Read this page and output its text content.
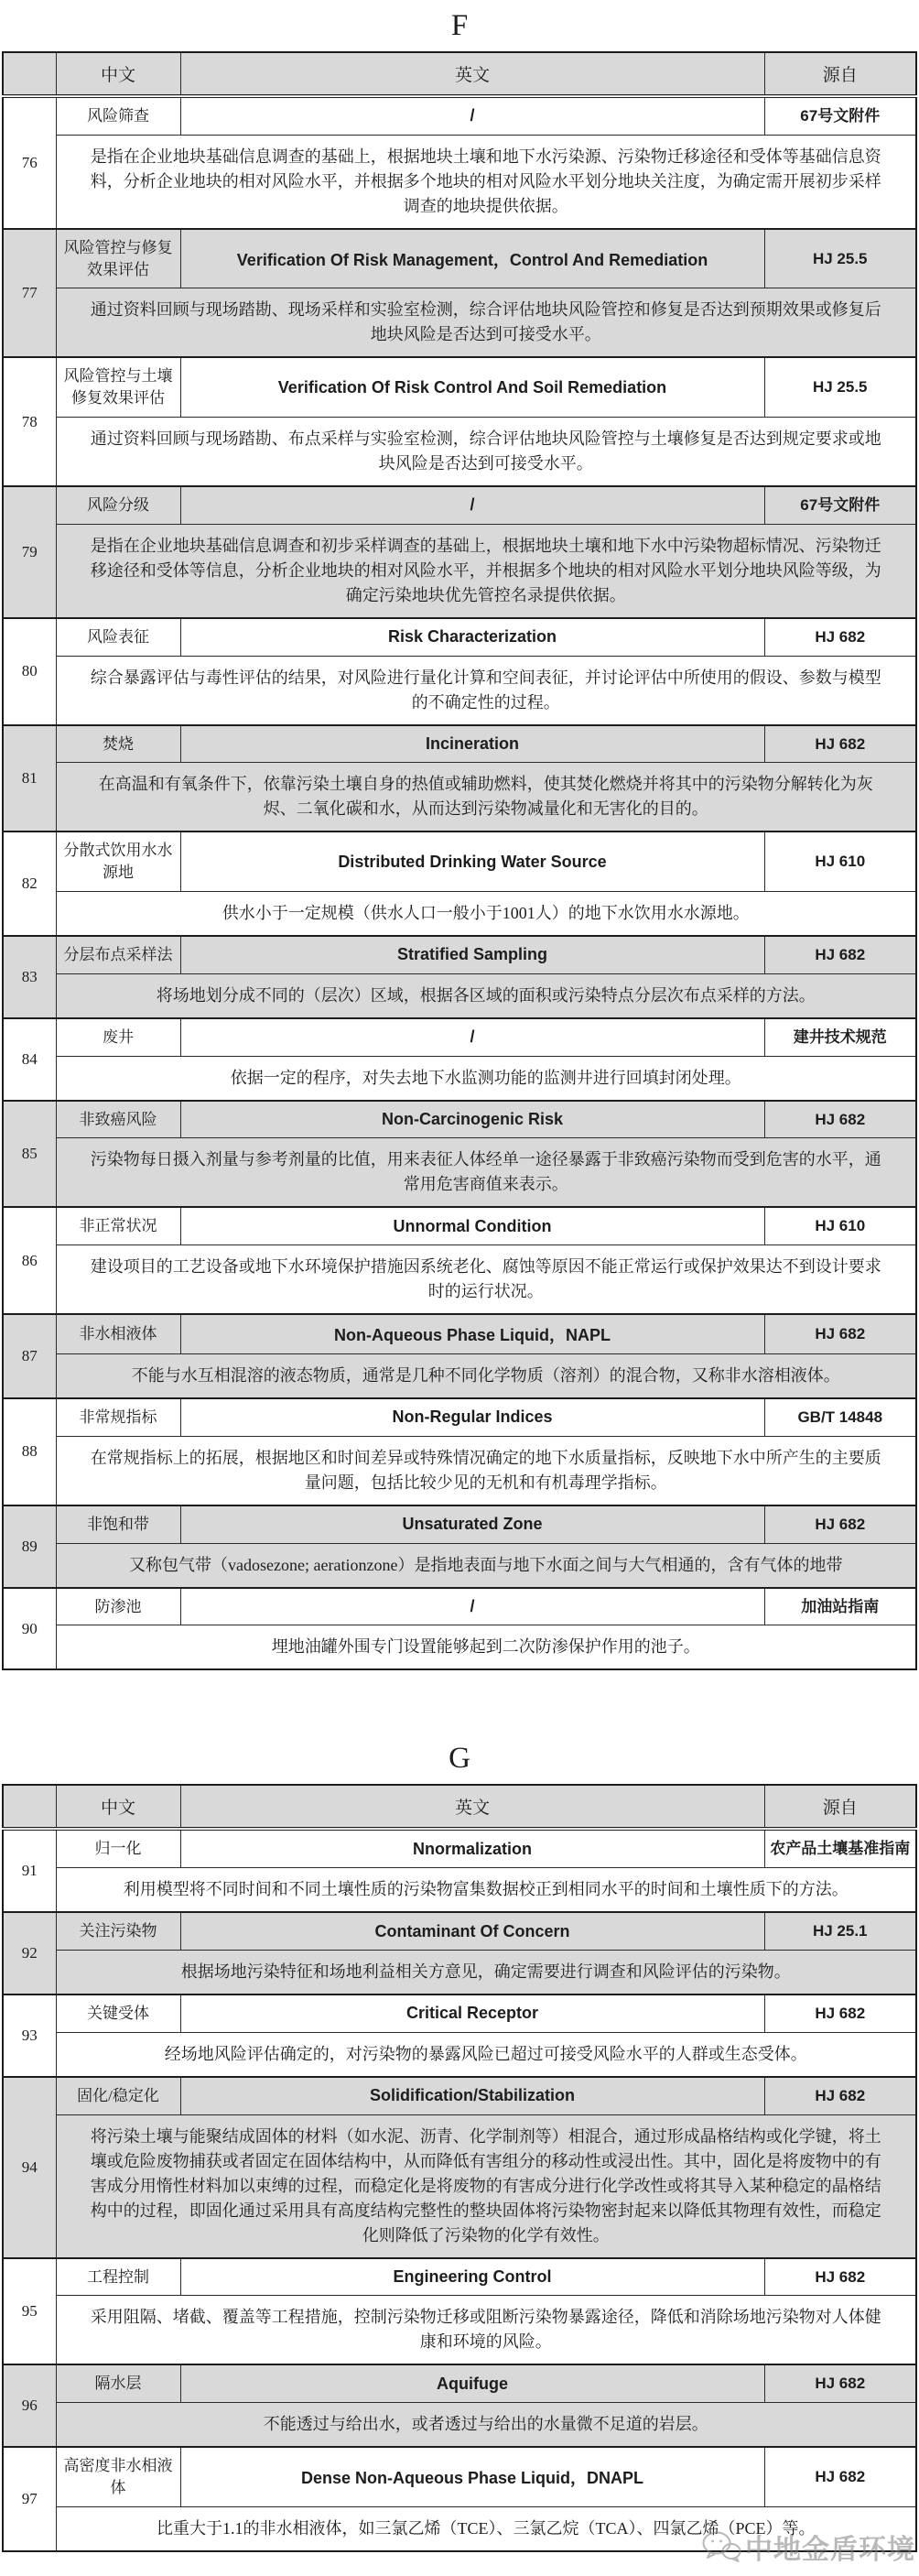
F
	中文	英文	源自
76	风险筛查	/	67号文附件
	是指在企业地块基础信息调查的基础上，根据地块土壤和地下水污染源、污染物迁移途径和受体等基础信息资料，分析企业地块的相对风险水平，并根据多个地块的相对风险水平划分地块关注度，为确定需开展初步采样调查的地块提供依据。		
77	风险管控与修复效果评估	Verification Of Risk Management，Control And Remediation	HJ 25.5
	通过资料回顾与现场踏勘、现场采样和实验室检测，综合评估地块风险管控和修复是否达到预期效果或修复后地块风险是否达到可接受水平。		
78	风险管控与土壤修复效果评估	Verification Of Risk Control And Soil Remediation	HJ 25.5
	通过资料回顾与现场踏勘、布点采样与实验室检测，综合评估地块风险管控与土壤修复是否达到规定要求或地块风险是否达到可接受水平。		
79	风险分级	/	67号文附件
	是指在企业地块基础信息调查和初步采样调查的基础上，根据地块土壤和地下水中污染物超标情况、污染物迁移途径和受体等信息，分析企业地块的相对风险水平，并根据多个地块的相对风险水平划分地块风险等级，为确定污染地块优先管控名录提供依据。		
80	风险表征	Risk Characterization	HJ 682
	综合暴露评估与毒性评估的结果，对风险进行量化计算和空间表征，并讨论评估中所使用的假设、参数与模型的不确定性的过程。		
81	焚烧	Incineration	HJ 682
	在高温和有氧条件下，依靠污染土壤自身的热值或辅助燃料，使其焚化燃烧并将其中的污染物分解转化为灰烬、二氧化碳和水，从而达到污染物减量化和无害化的目的。		
82	分散式饮用水水源地	Distributed Drinking Water Source	HJ 610
	供水小于一定规模（供水人口一般小于1001人）的地下水饮用水水源地。		
83	分层布点采样法	Stratified Sampling	HJ 682
	将场地划分成不同的（层次）区域，根据各区域的面积或污染特点分层次布点采样的方法。		
84	废井	/	建井技术规范
	依据一定的程序，对失去地下水监测功能的监测井进行回填封闭处理。		
85	非致癌风险	Non-Carcinogenic Risk	HJ 682
	污染物每日摄入剂量与参考剂量的比值，用来表征人体经单一途径暴露于非致癌污染物而受到危害的水平，通常用危害商值来表示。		
86	非正常状况	Unnormal Condition	HJ 610
	建设项目的工艺设备或地下水环境保护措施因系统老化、腐蚀等原因不能正常运行或保护效果达不到设计要求时的运行状况。		
87	非水相液体	Non-Aqueous Phase Liquid，NAPL	HJ 682
	不能与水互相混溶的液态物质，通常是几种不同化学物质（溶剂）的混合物，又称非水溶相液体。		
88	非常规指标	Non-Regular Indices	GB/T 14848
	在常规指标上的拓展，根据地区和时间差异或特殊情况确定的地下水质量指标，反映地下水中所产生的主要质量问题，包括比较少见的无机和有机毒理学指标。		
89	非饱和带	Unsaturated Zone	HJ 682
	又称包气带（vadosezone; aerationzone）是指地表面与地下水面之间与大气相通的，含有气体的地带		
90	防渗池	/	加油站指南
	埋地油罐外围专门设置能够起到二次防渗保护作用的池子。		
G
	中文	英文	源自
91	归一化	Nnormalization	农产品土壤基准指南
	利用模型将不同时间和不同土壤性质的污染物富集数据校正到相同水平的时间和土壤性质下的方法。		
92	关注污染物	Contaminant Of Concern	HJ 25.1
	根据场地污染特征和场地利益相关方意见，确定需要进行调查和风险评估的污染物。		
93	关键受体	Critical Receptor	HJ 682
	经场地风险评估确定的，对污染物的暴露风险已超过可接受风险水平的人群或生态受体。		
94	固化/稳定化	Solidification/Stabilization	HJ 682
	将污染土壤与能聚结成固体的材料（如水泥、沥青、化学制剂等）相混合，通过形成晶格结构或化学键，将土壤或危险废物捕获或者固定在固体结构中，从而降低有害组分的移动性或浸出性。其中，固化是将废物中的有害成分用惰性材料加以束缚的过程，而稳定化是将废物的有害成分进行化学改性或将其导入某种稳定的晶格结构中的过程，即固化通过采用具有高度结构完整性的整块固体将污染物密封起来以降低其物理有效性，而稳定化则降低了污染物的化学有效性。		
95	工程控制	Engineering Control	HJ 682
	采用阻隔、堵截、覆盖等工程措施，控制污染物迁移或阻断污染物暴露途径，降低和消除场地污染物对人体健康和环境的风险。		
96	隔水层	Aquifuge	HJ 682
	不能透过与给出水，或者透过与给出的水量微不足道的岩层。		
97	高密度非水相液体	Dense Non-Aqueous Phase Liquid，DNAPL	HJ 682
	比重大于1.1的非水相液体，如三氯乙烯（TCE）、三氯乙烷（TCA）、四氯乙烯（PCE）等。		
中地金盾环境
